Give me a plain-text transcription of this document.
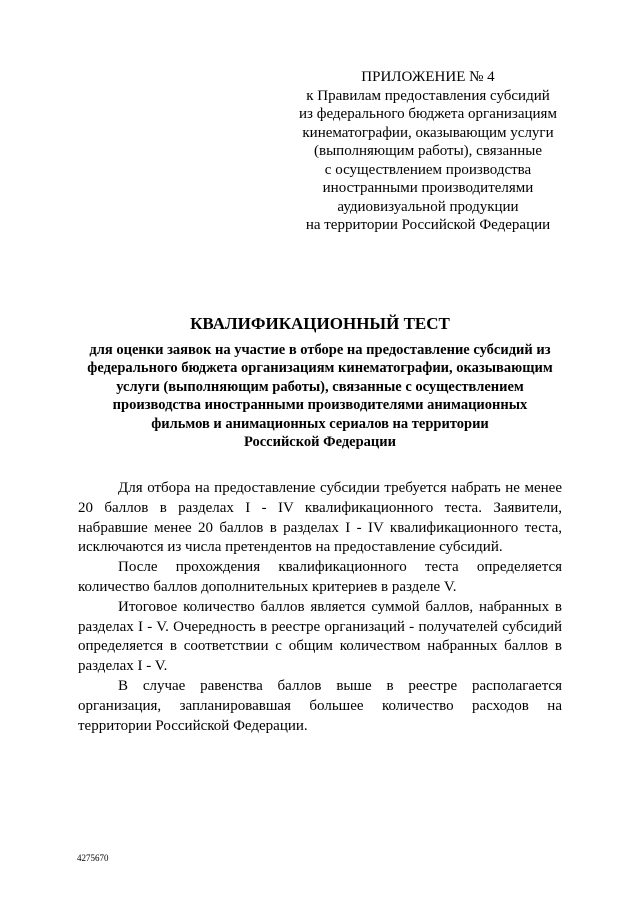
ПРИЛОЖЕНИЕ № 4
к Правилам предоставления субсидий
из федерального бюджета организациям
кинематографии, оказывающим услуги
(выполняющим работы), связанные
с осуществлением производства
иностранными производителями
аудиовизуальной продукции
на территории Российской Федерации
КВАЛИФИКАЦИОННЫЙ ТЕСТ
для оценки заявок на участие в отборе на предоставление субсидий из
федерального бюджета организациям кинематографии, оказывающим
услуги (выполняющим работы), связанные с осуществлением
производства иностранными производителями анимационных
фильмов и анимационных сериалов на территории
Российской Федерации

Для отбора на предоставление субсидии требуется набрать не менее 20 баллов в разделах I - IV квалификационного теста. Заявители, набравшие менее 20 баллов в разделах I - IV квалификационного теста, исключаются из числа претендентов на предоставление субсидий.

После прохождения квалификационного теста определяется количество баллов дополнительных критериев в разделе V.

Итоговое количество баллов является суммой баллов, набранных в разделах I - V. Очередность в реестре организаций - получателей субсидий определяется в соответствии с общим количеством набранных баллов в разделах I - V.

В случае равенства баллов выше в реестре располагается организация, запланировавшая большее количество расходов на территории Российской Федерации.

4275670
